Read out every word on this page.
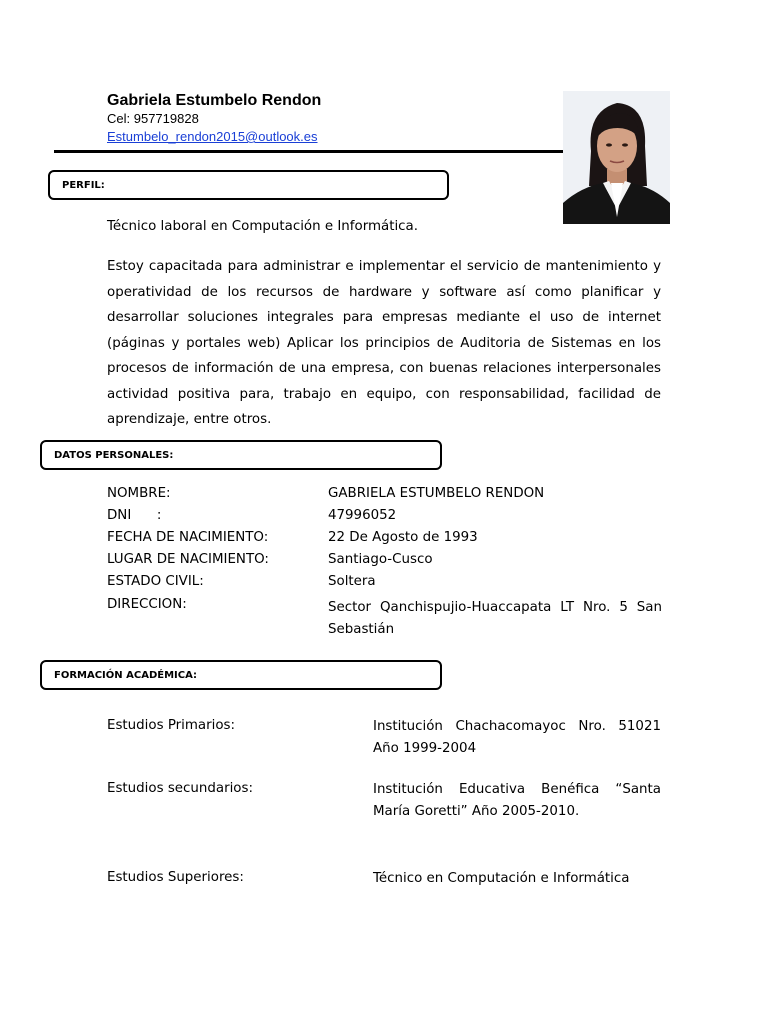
Gabriela Estumbelo Rendon
Cel: 957719828
Estumbelo_rendon2015@outlook.es
PERFIL:
Técnico laboral en Computación e Informática.
Estoy capacitada para administrar e implementar el servicio de mantenimiento y operatividad de los recursos de hardware y software así como planificar y desarrollar soluciones integrales para empresas mediante el uso de internet (páginas y portales web) Aplicar los principios de Auditoria de Sistemas en los procesos de información de una empresa, con buenas relaciones interpersonales actividad positiva para, trabajo en equipo, con responsabilidad, facilidad de aprendizaje, entre otros.
DATOS PERSONALES:
NOMBRE:	GABRIELA ESTUMBELO RENDON
DNI      :	47996052
FECHA DE NACIMIENTO:	22 De Agosto de 1993
LUGAR DE NACIMIENTO:	Santiago-Cusco
ESTADO CIVIL:	Soltera
DIRECCION:	Sector Qanchispujio-Huaccapata LT Nro. 5 San Sebastián
FORMACIÓN ACADÉMICA:
Estudios Primarios:	Institución Chachacomayoc Nro. 51021 Año 1999-2004
Estudios secundarios:	Institución Educativa Benéfica “Santa María Goretti” Año 2005-2010.
Estudios Superiores:	Técnico en Computación e Informática
